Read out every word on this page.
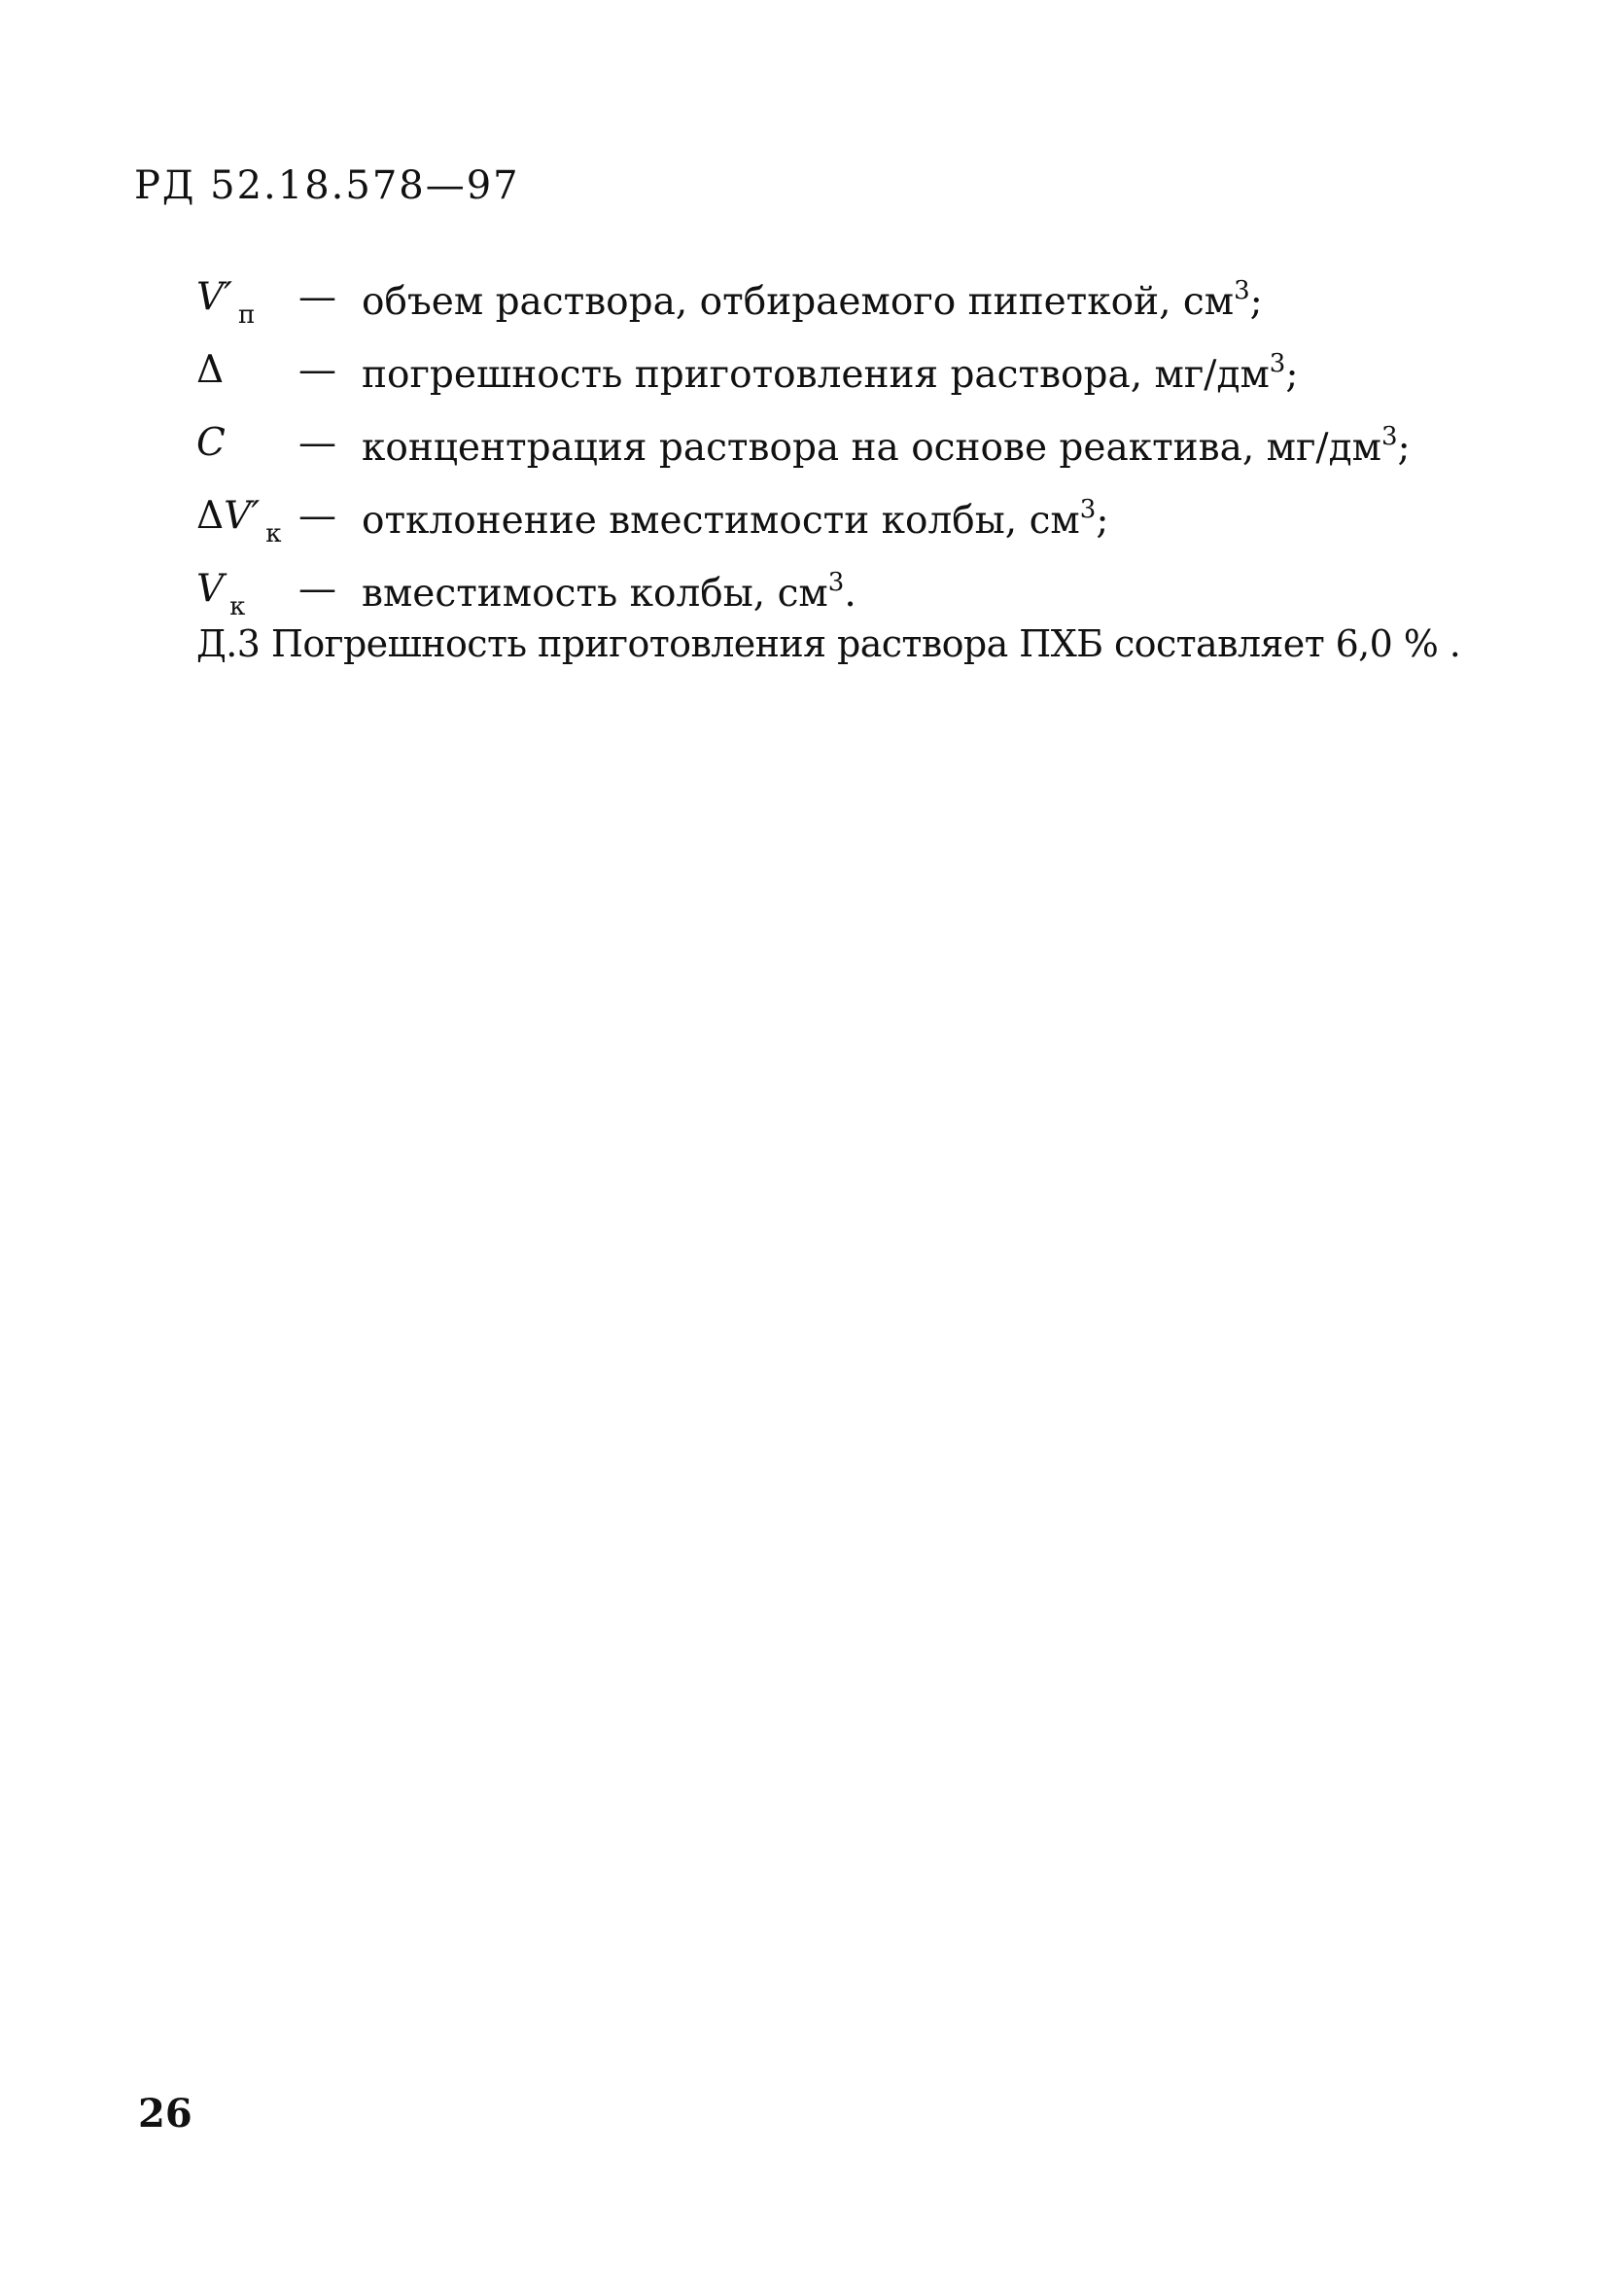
РД 52.18.578—97
V′ $_п$	— объем раствора, отбираемого пипеткой, $см^3$;
Δ	— погрешность приготовления раствора, $мг/дм^3$;
C	— концентрация раствора на основе реактива, $мг/дм^3$;
ΔV′ $_к$ — отклонение вместимости колбы, $см^3$;
V $_к$	— вместимость колбы, $см^3$.
Д.3 Погрешность приготовления раствора ПХБ составляет 6,0 % .
26
